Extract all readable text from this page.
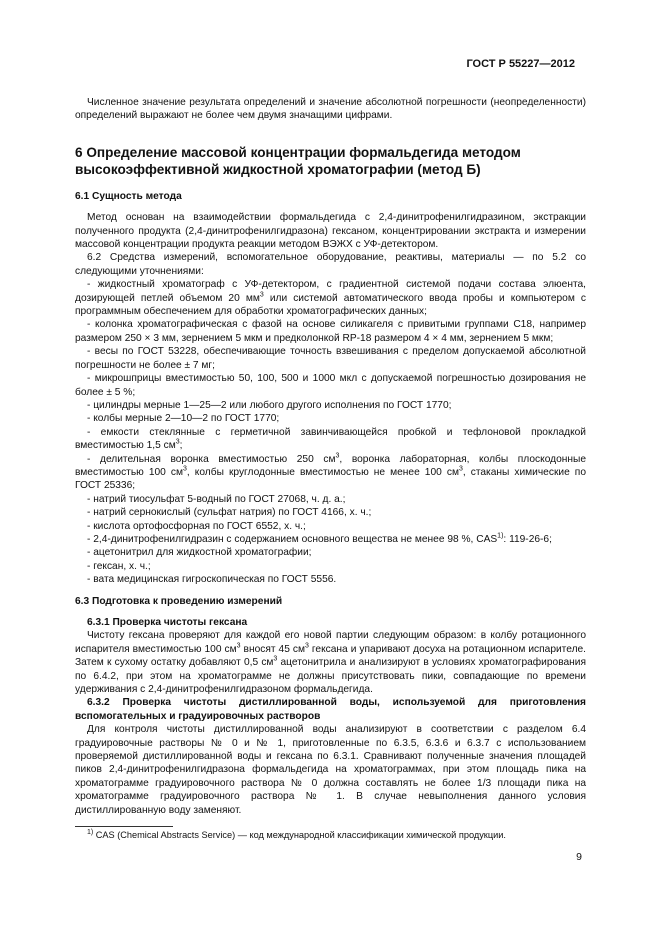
ГОСТ Р 55227—2012

Численное значение результата определений и значение абсолютной погрешности (неопределенности) определений выражают не более чем двумя значащими цифрами.

6 Определение массовой концентрации формальдегида методом высокоэффективной жидкостной хроматографии (метод Б)

6.1 Сущность метода

Метод основан на взаимодействии формальдегида с 2,4-динитрофенилгидразином, экстракции полученного продукта (2,4-динитрофенилгидразона) гексаном, концентрировании экстракта и измерении массовой концентрации продукта реакции методом ВЭЖХ с УФ-детектором.

6.2 Средства измерений, вспомогательное оборудование, реактивы, материалы — по 5.2 со следующими уточнениями:

- жидкостный хроматограф с УФ-детектором, с градиентной системой подачи состава элюента, дозирующей петлей объемом 20 $мм^3$ или системой автоматического ввода пробы и компьютером с программным обеспечением для обработки хроматографических данных;

- колонка хроматографическая с фазой на основе силикагеля с привитыми группами C18, например размером 250 × 3 мм, зернением 5 мкм и предколонкой RP-18 размером 4 × 4 мм, зернением 5 мкм;

- весы по ГОСТ 53228, обеспечивающие точность взвешивания с пределом допускаемой абсолютной погрешности не более ± 7 мг;

- микрошприцы вместимостью 50, 100, 500 и 1000 мкл с допускаемой погрешностью дозирования не более ± 5 %;

- цилиндры мерные 1—25—2 или любого другого исполнения по ГОСТ 1770;

- колбы мерные 2—10—2 по ГОСТ 1770;

- емкости стеклянные с герметичной завинчивающейся пробкой и тефлоновой прокладкой вместимостью 1,5 $см^3$;

- делительная воронка вместимостью 250 $см^3$, воронка лабораторная, колбы плоскодонные вместимостью 100 $см^3$, колбы круглодонные вместимостью не менее 100 $см^3$, стаканы химические по ГОСТ 25336;

- натрий тиосульфат 5-водный по ГОСТ 27068, ч. д. а.;

- натрий сернокислый (сульфат натрия) по ГОСТ 4166, х. ч.;

- кислота ортофосфорная по ГОСТ 6552, х. ч.;

- 2,4-динитрофенилгидразин с содержанием основного вещества не менее 98 %, CAS$^{1)}$: 119-26-6;

- ацетонитрил для жидкостной хроматографии;

- гексан, х. ч.;

- вата медицинская гигроскопическая по ГОСТ 5556.

6.3 Подготовка к проведению измерений

6.3.1 Проверка чистоты гексана

Чистоту гексана проверяют для каждой его новой партии следующим образом: в колбу ротационного испарителя вместимостью 100 $см^3$ вносят 45 $см^3$ гексана и упаривают досуха на ротационном испарителе. Затем к сухому остатку добавляют 0,5 $см^3$ ацетонитрила и анализируют в условиях хроматографирования по 6.4.2, при этом на хроматограмме не должны присутствовать пики, совпадающие по времени удерживания с 2,4-динитрофенилгидразоном формальдегида.

6.3.2 Проверка чистоты дистиллированной воды, используемой для приготовления вспомогательных и градуировочных растворов

Для контроля чистоты дистиллированной воды анализируют в соответствии с разделом 6.4 градуировочные растворы № 0 и № 1, приготовленные по 6.3.5, 6.3.6 и 6.3.7 с использованием проверяемой дистиллированной воды и гексана по 6.3.1. Сравнивают полученные значения площадей пиков 2,4-динитрофенилгидразона формальдегида на хроматограммах, при этом площадь пика на хроматограмме градуировочного раствора № 0 должна составлять не более 1/3 площади пика на хроматограмме градуировочного раствора № 1. В случае невыполнения данного условия дистиллированную воду заменяют.

$^{1)}$ CAS (Chemical Abstracts Service) — код международной классификации химической продукции.
9
